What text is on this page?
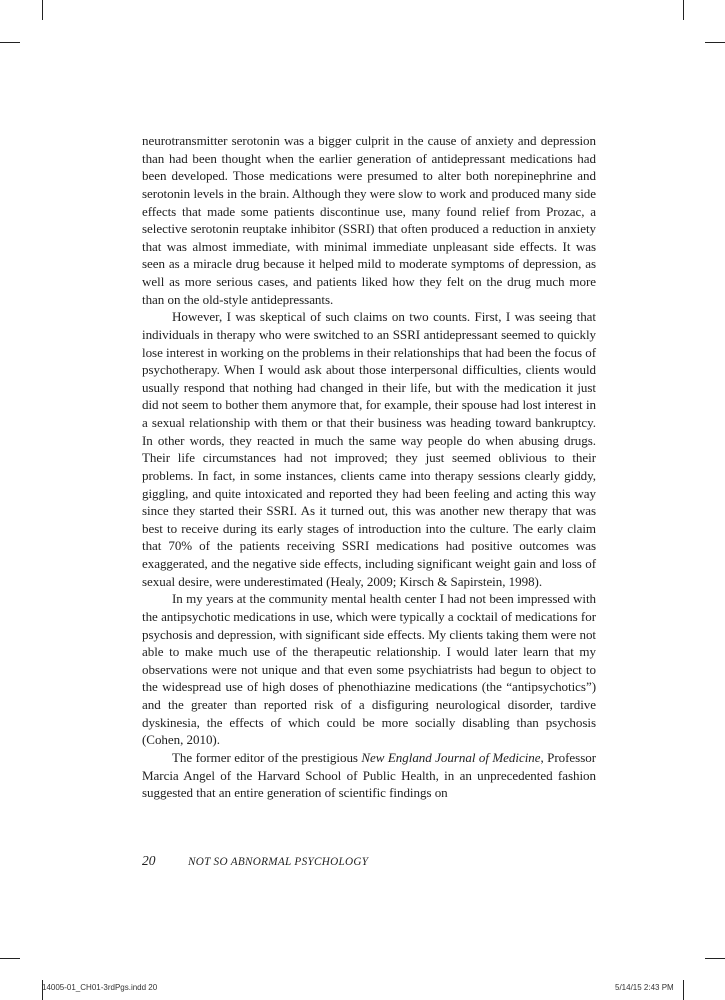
neurotransmitter serotonin was a bigger culprit in the cause of anxiety and depression than had been thought when the earlier generation of antidepressant medications had been developed. Those medications were presumed to alter both norepinephrine and serotonin levels in the brain. Although they were slow to work and produced many side effects that made some patients discontinue use, many found relief from Prozac, a selective serotonin reuptake inhibitor (SSRI) that often produced a reduction in anxiety that was almost immediate, with minimal immediate unpleasant side effects. It was seen as a miracle drug because it helped mild to moderate symptoms of depression, as well as more serious cases, and patients liked how they felt on the drug much more than on the old-style antidepressants.

However, I was skeptical of such claims on two counts. First, I was seeing that individuals in therapy who were switched to an SSRI antidepressant seemed to quickly lose interest in working on the problems in their relationships that had been the focus of psychotherapy. When I would ask about those interpersonal difficulties, clients would usually respond that nothing had changed in their life, but with the medication it just did not seem to bother them anymore that, for example, their spouse had lost interest in a sexual relationship with them or that their business was heading toward bankruptcy. In other words, they reacted in much the same way people do when abusing drugs. Their life circumstances had not improved; they just seemed oblivious to their problems. In fact, in some instances, clients came into therapy sessions clearly giddy, giggling, and quite intoxicated and reported they had been feeling and acting this way since they started their SSRI. As it turned out, this was another new therapy that was best to receive during its early stages of introduction into the culture. The early claim that 70% of the patients receiving SSRI medications had positive outcomes was exaggerated, and the negative side effects, including significant weight gain and loss of sexual desire, were underestimated (Healy, 2009; Kirsch & Sapirstein, 1998).

In my years at the community mental health center I had not been impressed with the antipsychotic medications in use, which were typically a cocktail of medications for psychosis and depression, with significant side effects. My clients taking them were not able to make much use of the therapeutic relationship. I would later learn that my observations were not unique and that even some psychiatrists had begun to object to the widespread use of high doses of phenothiazine medications (the “antipsychotics”) and the greater than reported risk of a disfiguring neurological disorder, tardive dyskinesia, the effects of which could be more socially disabling than psychosis (Cohen, 2010).

The former editor of the prestigious New England Journal of Medicine, Professor Marcia Angel of the Harvard School of Public Health, in an unprecedented fashion suggested that an entire generation of scientific findings on

20	NOT SO ABNORMAL PSYCHOLOGY
14005-01_CH01-3rdPgs.indd 20	5/14/15 2:43 PM
